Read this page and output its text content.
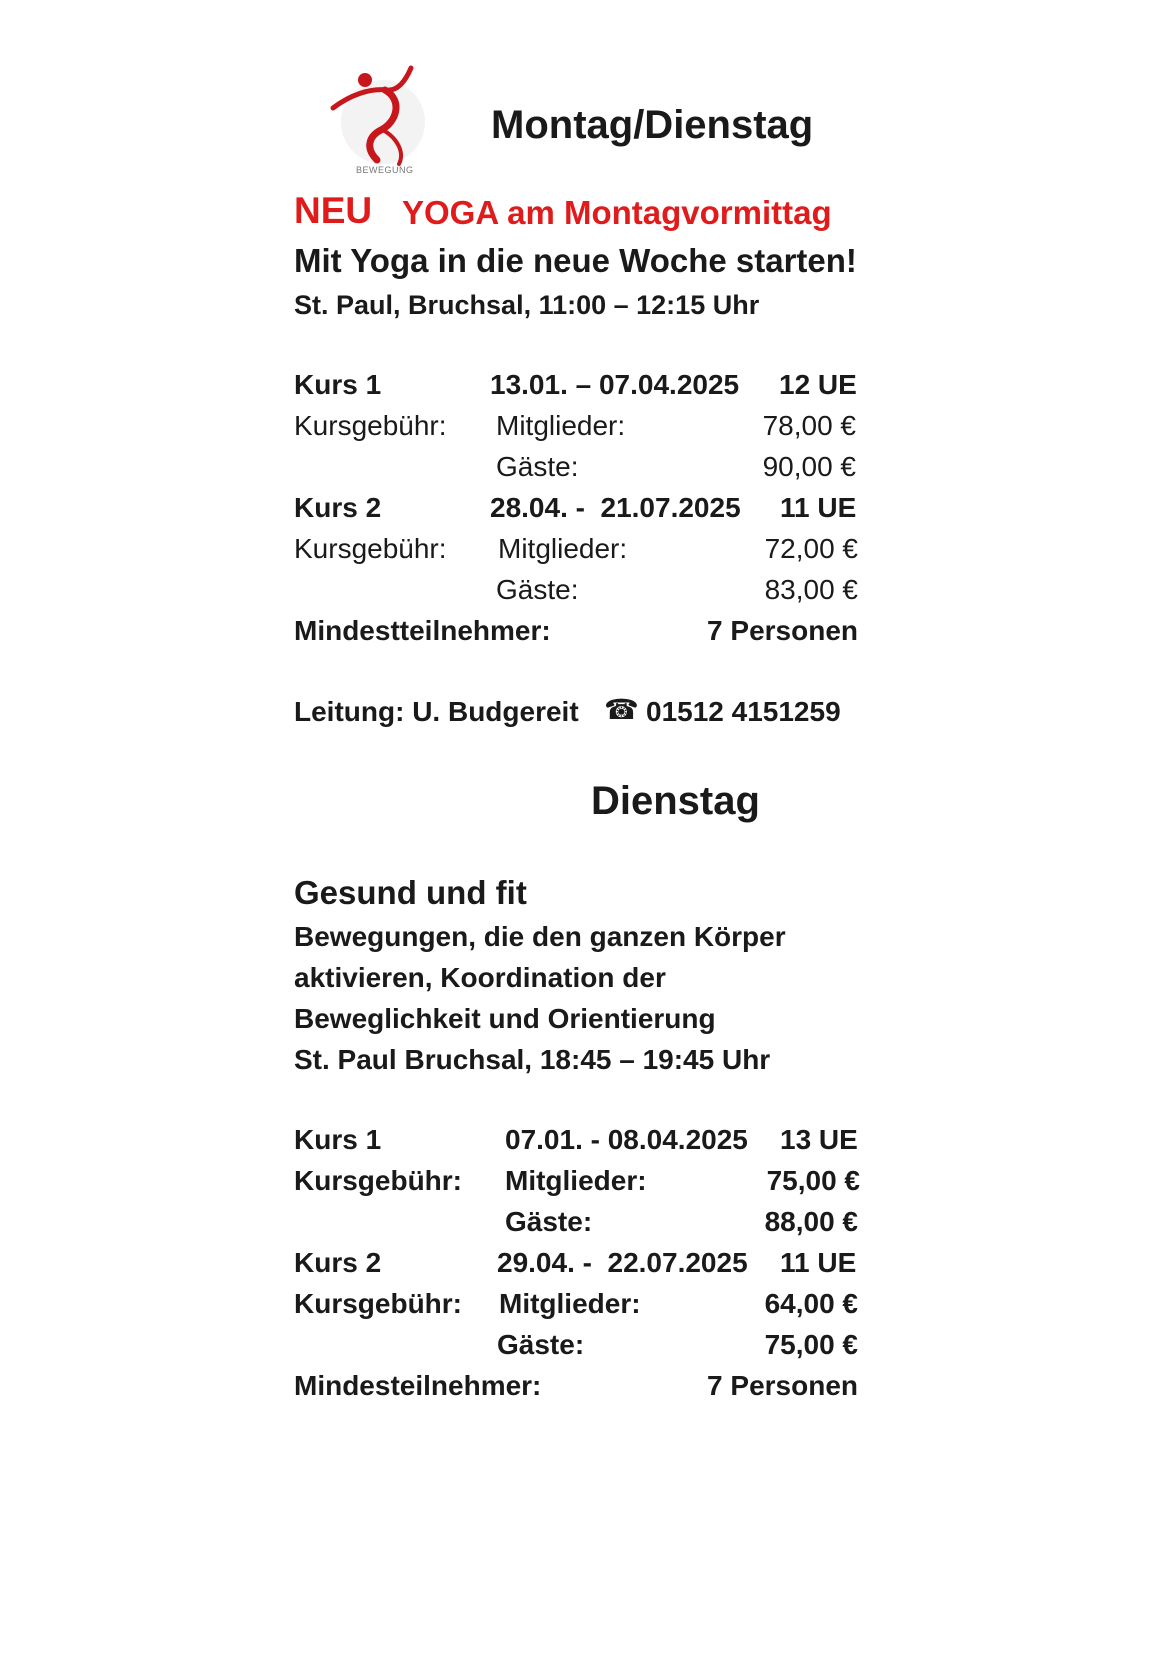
BEWEGUNG
Montag/Dienstag
NEU YOGA am Montagvormittag
Mit Yoga in die neue Woche starten!
St. Paul, Bruchsal, 11:00 – 12:15 Uhr
Kurs 1	13.01. – 07.04.2025 12 UE
Kursgebühr: Mitglieder:	78,00 €
Gäste:	90,00 €
Kurs 2	28.04. -  21.07.2025 11 UE
Kursgebühr: Mitglieder:	72,00 €
Gäste:	83,00 €
Mindestteilnehmer:	7 Personen
Leitung: U. Budgereit ☎ 01512 4151259
Dienstag
Gesund und fit
Bewegungen, die den ganzen Körper
aktivieren, Koordination der
Beweglichkeit und Orientierung
St. Paul Bruchsal, 18:45 – 19:45 Uhr
Kurs 1	07.01. - 08.04.2025 13 UE
Kursgebühr: Mitglieder:	75,00 €
Gäste:	88,00 €
Kurs 2	29.04. -  22.07.2025 11 UE
Kursgebühr: Mitglieder:	64,00 €
Gäste:	75,00 €
Mindesteilnehmer:	7 Personen
